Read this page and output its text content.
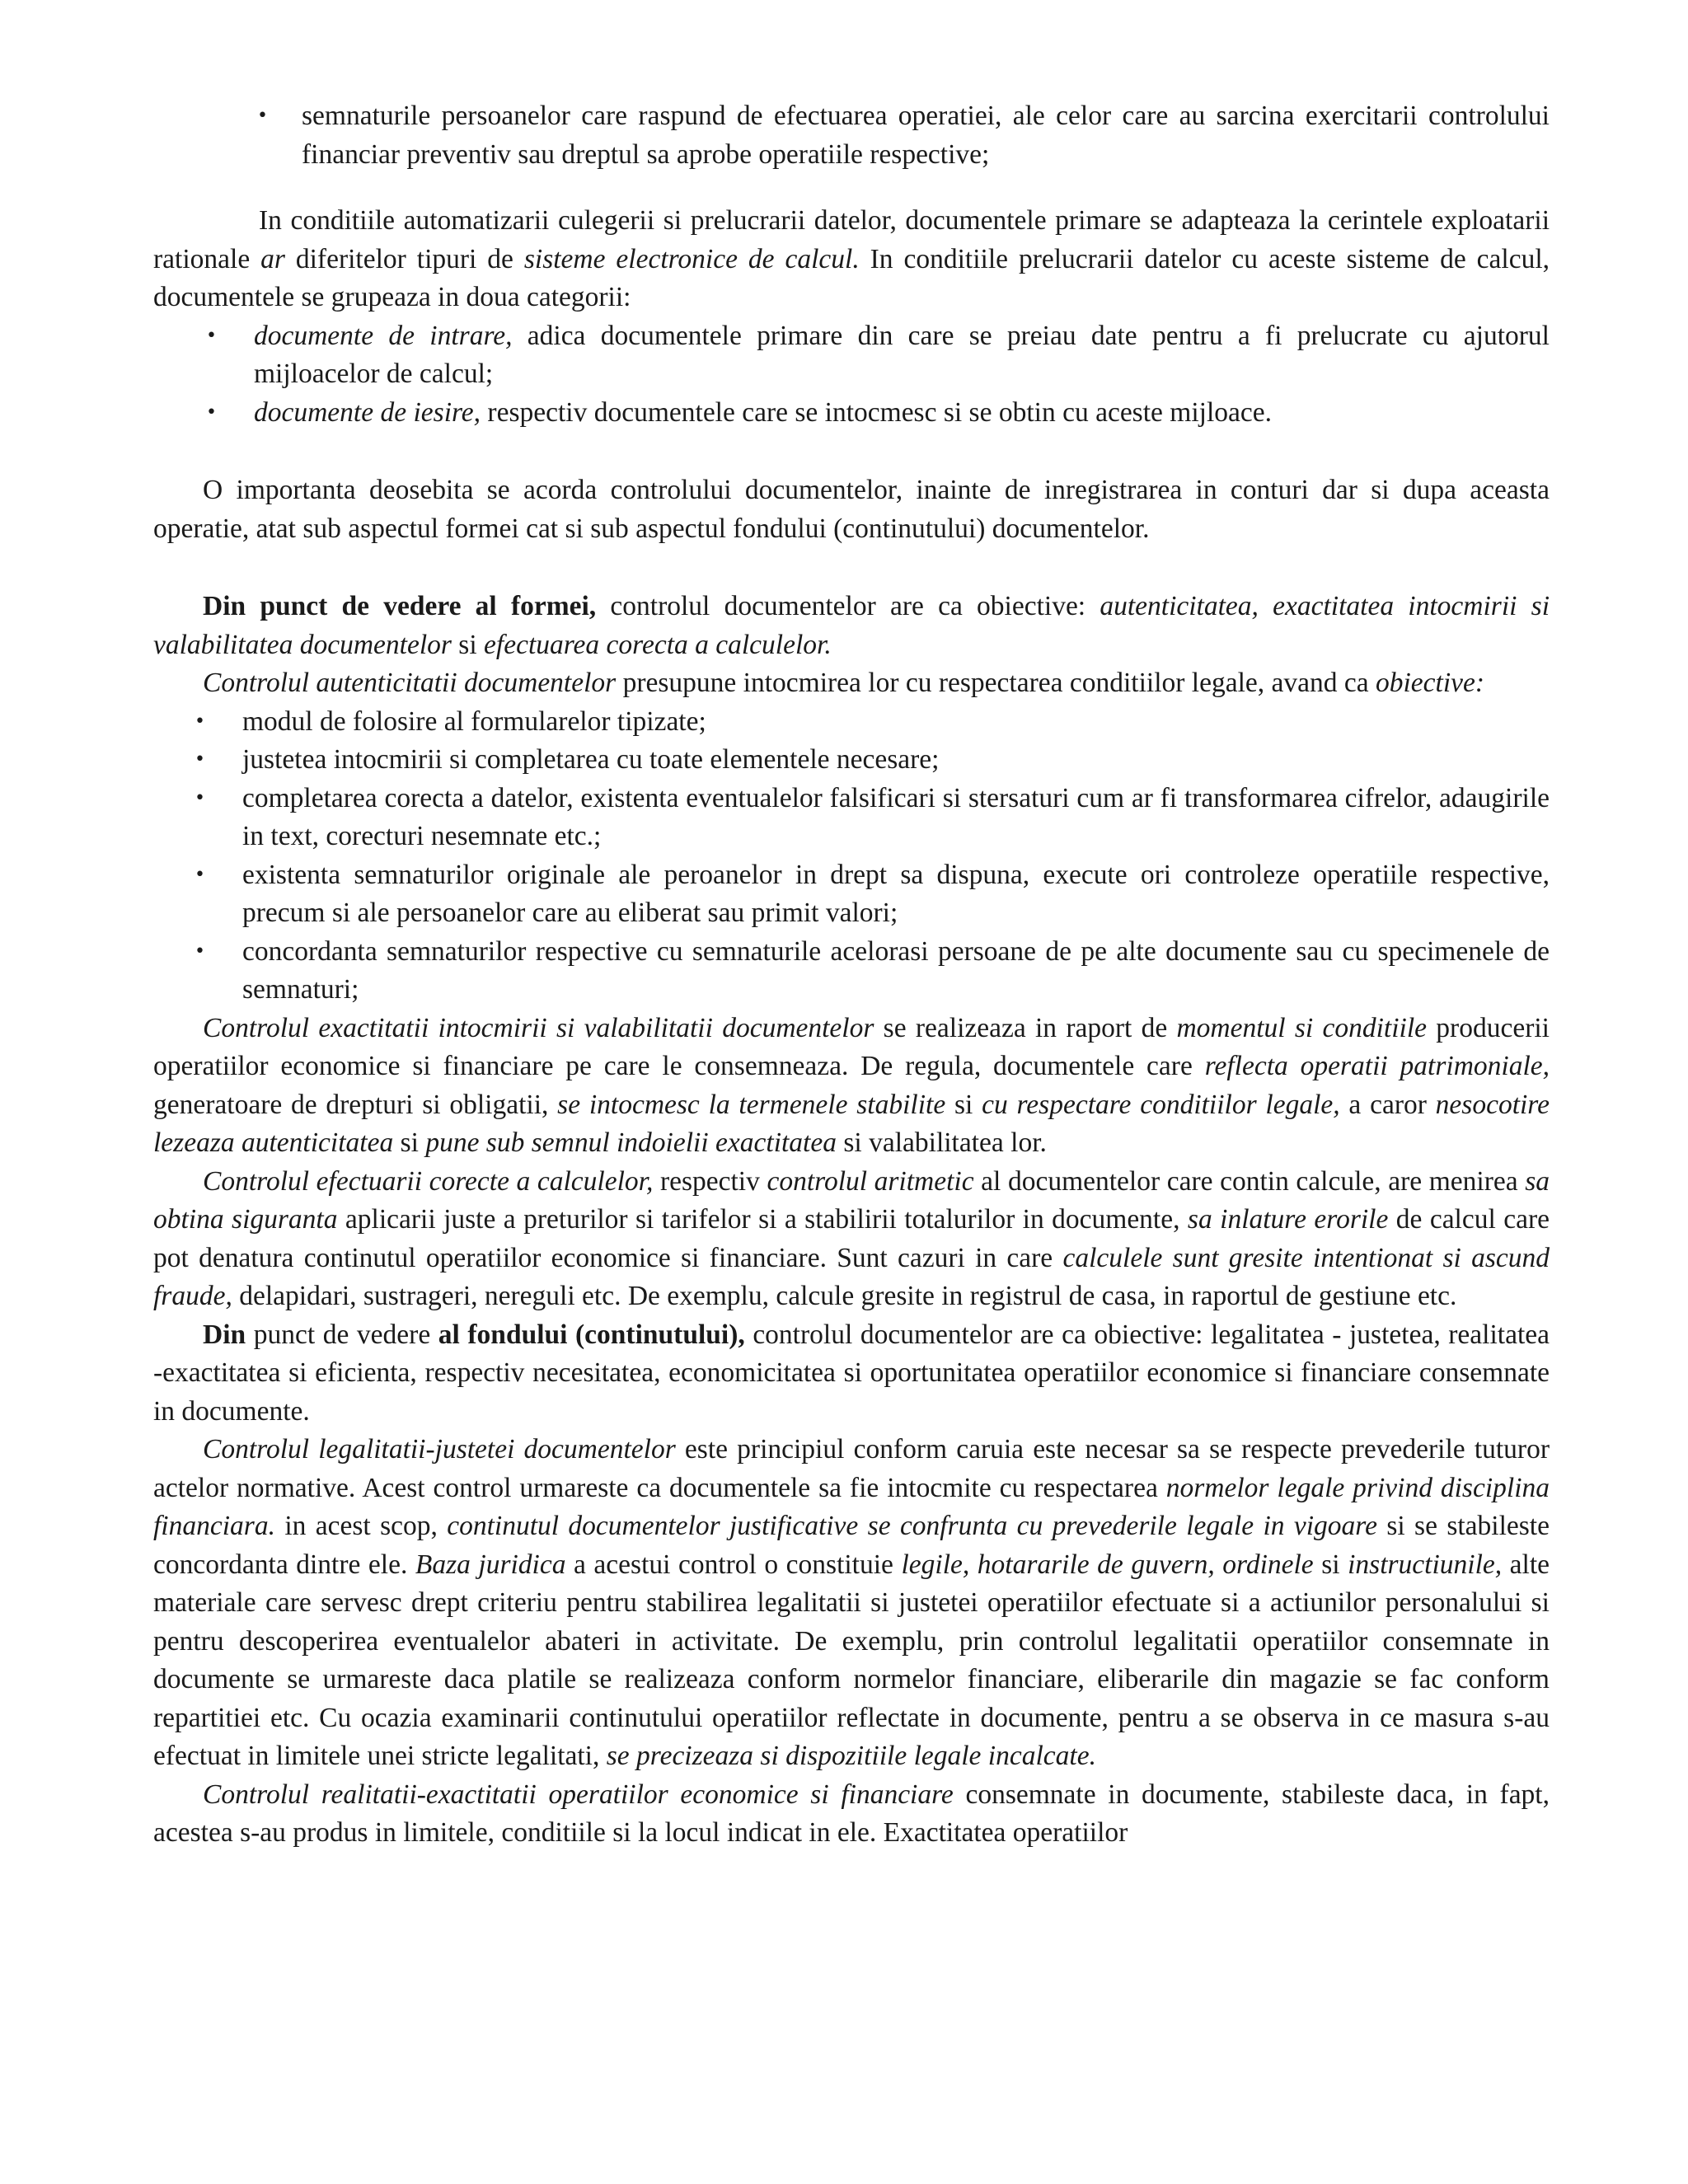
• semnaturile persoanelor care raspund de efectuarea operatiei, ale celor care au sarcina exercitarii controlului financiar preventiv sau dreptul sa aprobe operatiile respective;

In conditiile automatizarii culegerii si prelucrarii datelor, documentele primare se adapteaza la cerintele exploatarii rationale ar diferitelor tipuri de sisteme electronice de calcul. In conditiile prelucrarii datelor cu aceste sisteme de calcul, documentele se grupeaza in doua categorii:

• documente de intrare, adica documentele primare din care se preiau date pentru a fi prelucrate cu ajutorul mijloacelor de calcul;
• documente de iesire, respectiv documentele care se intocmesc si se obtin cu aceste mijloace.

O importanta deosebita se acorda controlului documentelor, inainte de inregistrarea in conturi dar si dupa aceasta operatie, atat sub aspectul formei cat si sub aspectul fondului (continutului) documentelor.

Din punct de vedere al formei, controlul documentelor are ca obiective: autenticitatea, exactitatea intocmirii si valabilitatea documentelor si efectuarea corecta a calculelor.

Controlul autenticitatii documentelor presupune intocmirea lor cu respectarea conditiilor legale, avand ca obiective:

• modul de folosire al formularelor tipizate;
• justetea intocmirii si completarea cu toate elementele necesare;
• completarea corecta a datelor, existenta eventualelor falsificari si stersaturi cum ar fi transformarea cifrelor, adaugirile in text, corecturi nesemnate etc.;
• existenta semnaturilor originale ale peroanelor in drept sa dispuna, execute ori controleze operatiile respective, precum si ale persoanelor care au eliberat sau primit valori;
• concordanta semnaturilor respective cu semnaturile acelorasi persoane de pe alte documente sau cu specimenele de semnaturi;

Controlul exactitatii intocmirii si valabilitatii documentelor se realizeaza in raport de momentul si conditiile producerii operatiilor economice si financiare pe care le consemneaza. De regula, documentele care reflecta operatii patrimoniale, generatoare de drepturi si obligatii, se intocmesc la termenele stabilite si cu respectare conditiilor legale, a caror nesocotire lezeaza autenticitatea si pune sub semnul indoielii exactitatea si valabilitatea lor.

Controlul efectuarii corecte a calculelor, respectiv controlul aritmetic al documentelor care contin calcule, are menirea sa obtina siguranta aplicarii juste a preturilor si tarifelor si a stabilirii totalurilor in documente, sa inlature erorile de calcul care pot denatura continutul operatiilor economice si financiare. Sunt cazuri in care calculele sunt gresite intentionat si ascund fraude, delapidari, sustrageri, nereguli etc. De exemplu, calcule gresite in registrul de casa, in raportul de gestiune etc.

Din punct de vedere al fondului (continutului), controlul documentelor are ca obiective: legalitatea - justetea, realitatea -exactitatea si eficienta, respectiv necesitatea, economicitatea si oportunitatea operatiilor economice si financiare consemnate in documente.

Controlul legalitatii-justetei documentelor este principiul conform caruia este necesar sa se respecte prevederile tuturor actelor normative. Acest control urmareste ca documentele sa fie intocmite cu respectarea normelor legale privind disciplina financiara. in acest scop, continutul documentelor justificative se confrunta cu prevederile legale in vigoare si se stabileste concordanta dintre ele. Baza juridica a acestui control o constituie legile, hotararile de guvern, ordinele si instructiunile, alte materiale care servesc drept criteriu pentru stabilirea legalitatii si justetei operatiilor efectuate si a actiunilor personalului si pentru descoperirea eventualelor abateri in activitate. De exemplu, prin controlul legalitatii operatiilor consemnate in documente se urmareste daca platile se realizeaza conform normelor financiare, eliberarile din magazie se fac conform repartitiei etc. Cu ocazia examinarii continutului operatiilor reflectate in documente, pentru a se observa in ce masura s-au efectuat in limitele unei stricte legalitati, se precizeaza si dispozitiile legale incalcate.

Controlul realitatii-exactitatii operatiilor economice si financiare consemnate in documente, stabileste daca, in fapt, acestea s-au produs in limitele, conditiile si la locul indicat in ele. Exactitatea operatiilor
